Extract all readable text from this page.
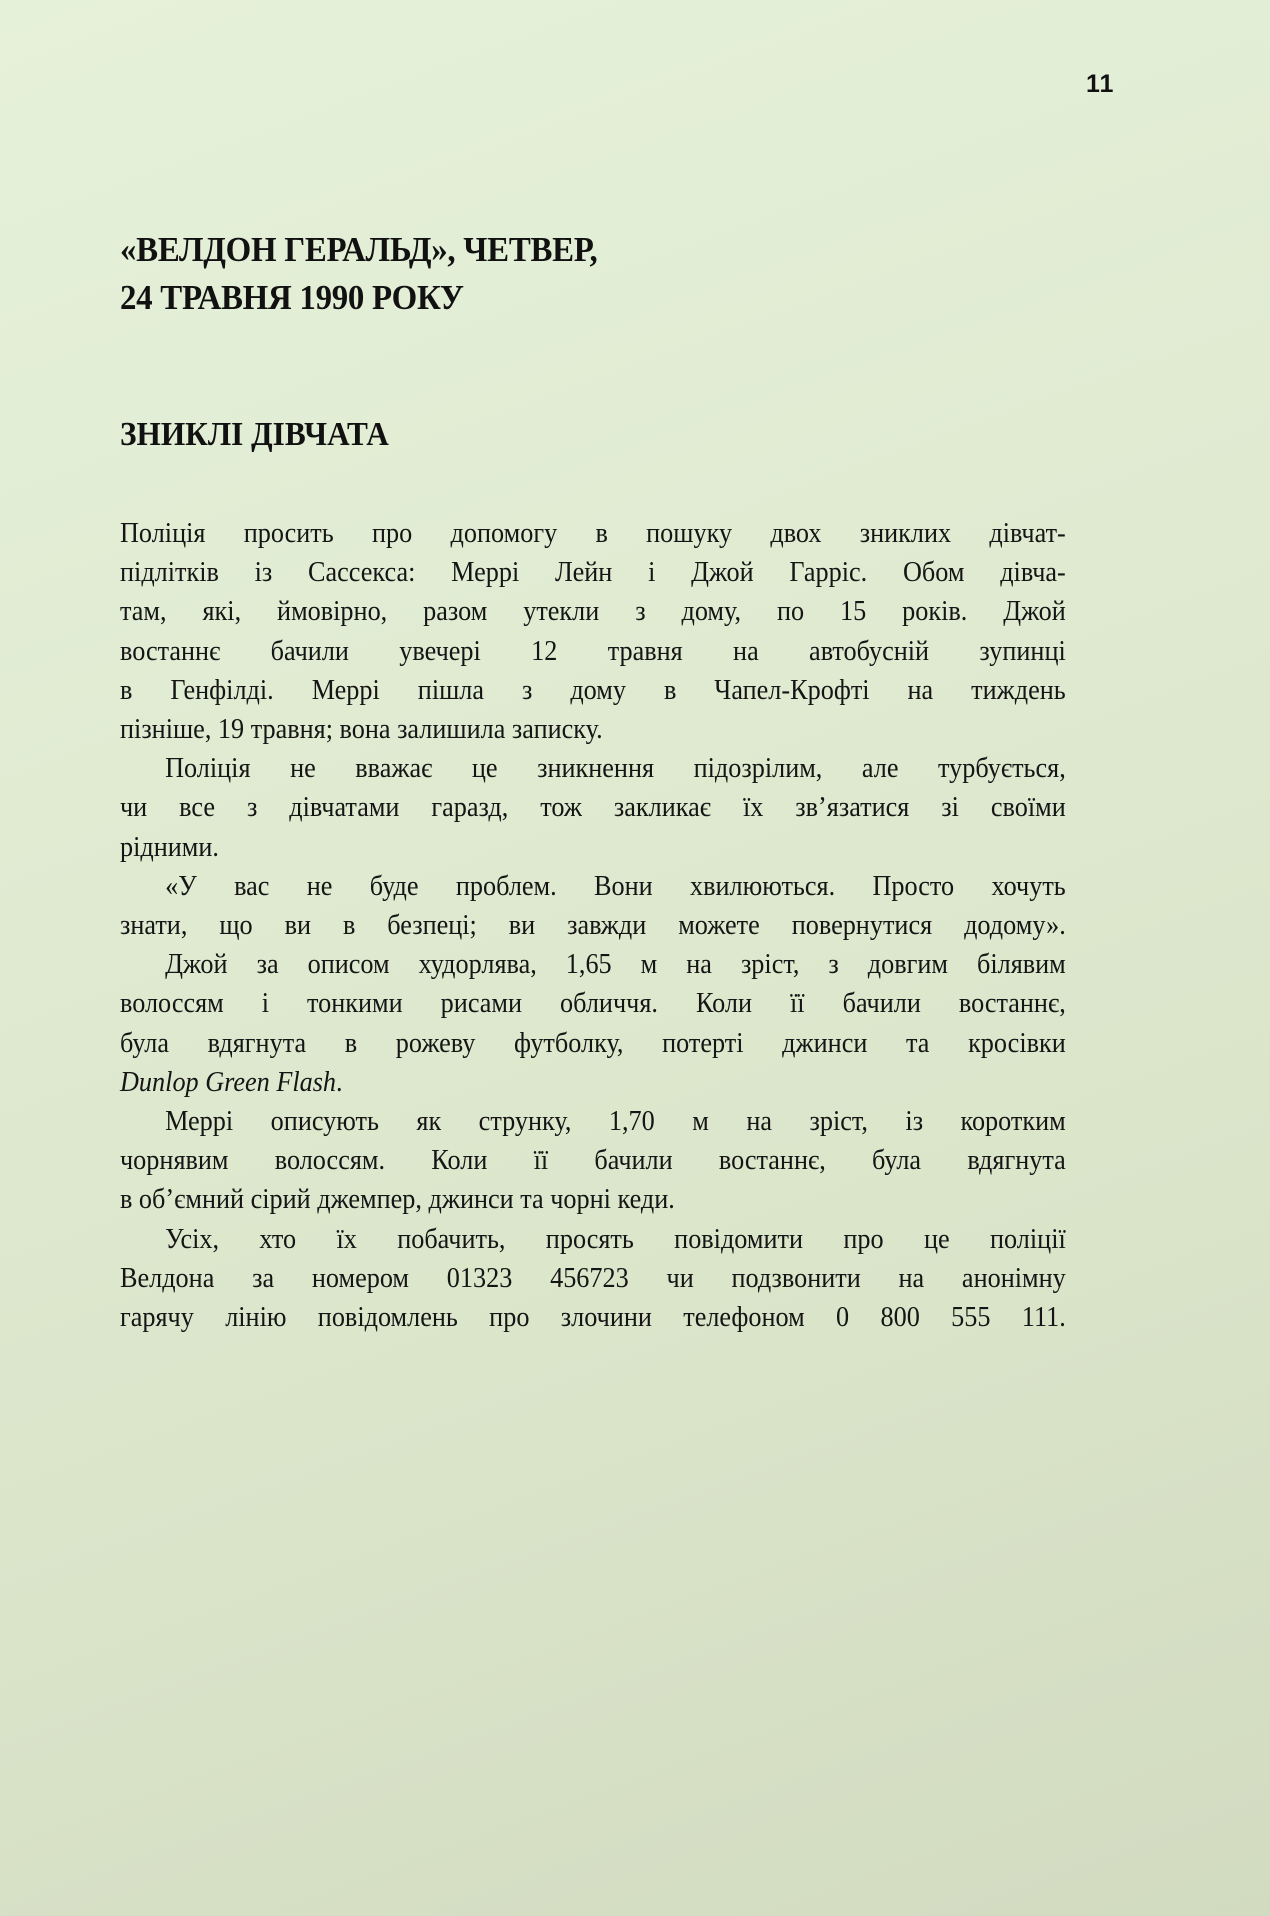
11
«ВЕЛДОН ГЕРАЛЬД», ЧЕТВЕР,
24 ТРАВНЯ 1990 РОКУ
ЗНИКЛІ ДІВЧАТА

Поліція просить про допомогу в пошуку двох зниклих дівчат-
підлітків із Сассекса: Меррі Лейн і Джой Гарріс. Обом дівча-
там, які, ймовірно, разом утекли з дому, по 15 років. Джой
востаннє бачили увечері 12 травня на автобусній зупинці
в Генфілді. Меррі пішла з дому в Чапел-Крофті на тиждень
пізніше, 19 травня; вона залишила записку.

Поліція не вважає це зникнення підозрілим, але турбується,
чи все з дівчатами гаразд, тож закликає їх зв’язатися зі своїми
рідними.

«У вас не буде проблем. Вони хвилюються. Просто хочуть
знати, що ви в безпеці; ви завжди можете повернутися додому».

Джой за описом худорлява, 1,65 м на зріст, з довгим білявим
волоссям і тонкими рисами обличчя. Коли її бачили востаннє,
була вдягнута в рожеву футболку, потерті джинси та кросівки
Dunlop Green Flash.

Меррі описують як струнку, 1,70 м на зріст, із коротким
чорнявим волоссям. Коли її бачили востаннє, була вдягнута
в об’ємний сірий джемпер, джинси та чорні кеди.

Усіх, хто їх побачить, просять повідомити про це поліції
Велдона за номером 01323 456723 чи подзвонити на анонімну
гарячу лінію повідомлень про злочини телефоном 0 800 555 111.
